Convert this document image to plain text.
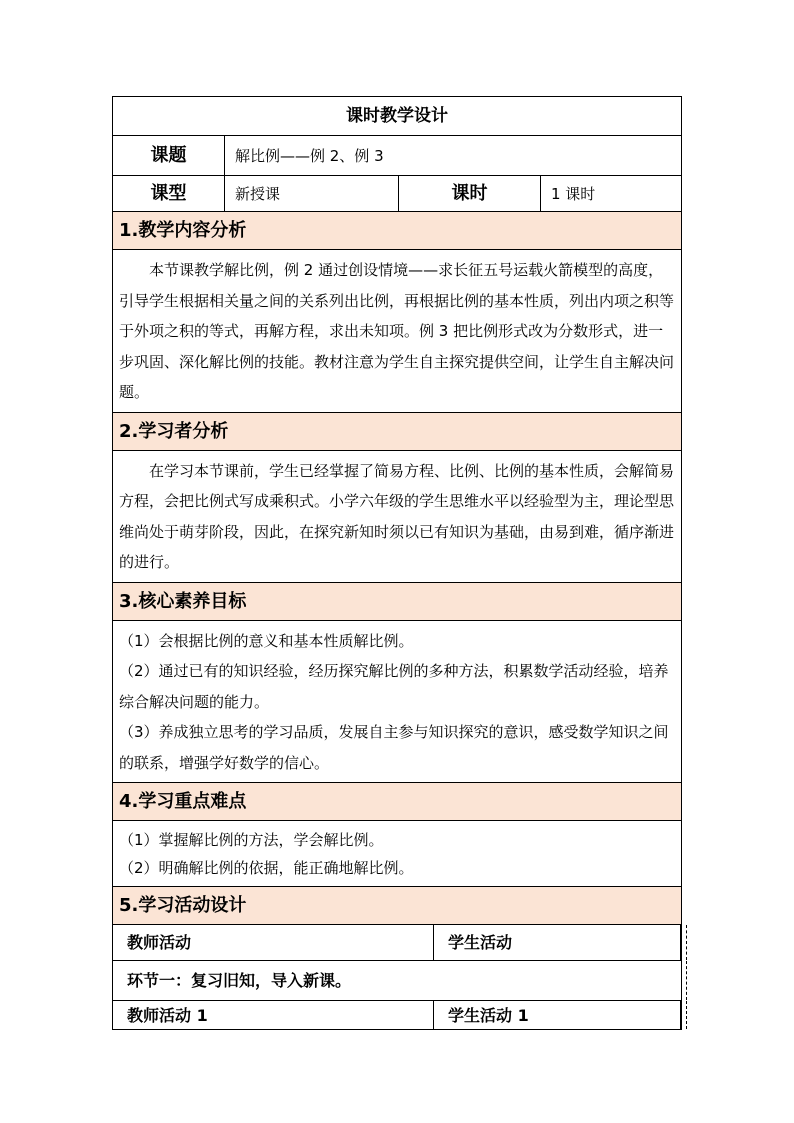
课时教学设计
课题	解比例——例 2、例 3
课型	新授课	课时	1 课时
1.教学内容分析
本节课教学解比例，例 2 通过创设情境——求长征五号运载火箭模型的高度，引导学生根据相关量之间的关系列出比例，再根据比例的基本性质，列出内项之积等于外项之积的等式，再解方程，求出未知项。例 3 把比例形式改为分数形式，进一步巩固、深化解比例的技能。教材注意为学生自主探究提供空间，让学生自主解决问题。
2.学习者分析
在学习本节课前，学生已经掌握了简易方程、比例、比例的基本性质，会解简易方程，会把比例式写成乘积式。小学六年级的学生思维水平以经验型为主，理论型思维尚处于萌芽阶段，因此，在探究新知时须以已有知识为基础，由易到难，循序渐进的进行。
3.核心素养目标
（1）会根据比例的意义和基本性质解比例。
（2）通过已有的知识经验，经历探究解比例的多种方法，积累数学活动经验，培养综合解决问题的能力。
（3）养成独立思考的学习品质，发展自主参与知识探究的意识，感受数学知识之间的联系，增强学好数学的信心。
4.学习重点难点
（1）掌握解比例的方法，学会解比例。
（2）明确解比例的依据，能正确地解比例。
5.学习活动设计
教师活动	学生活动
环节一：复习旧知，导入新课。
教师活动 1	学生活动 1
